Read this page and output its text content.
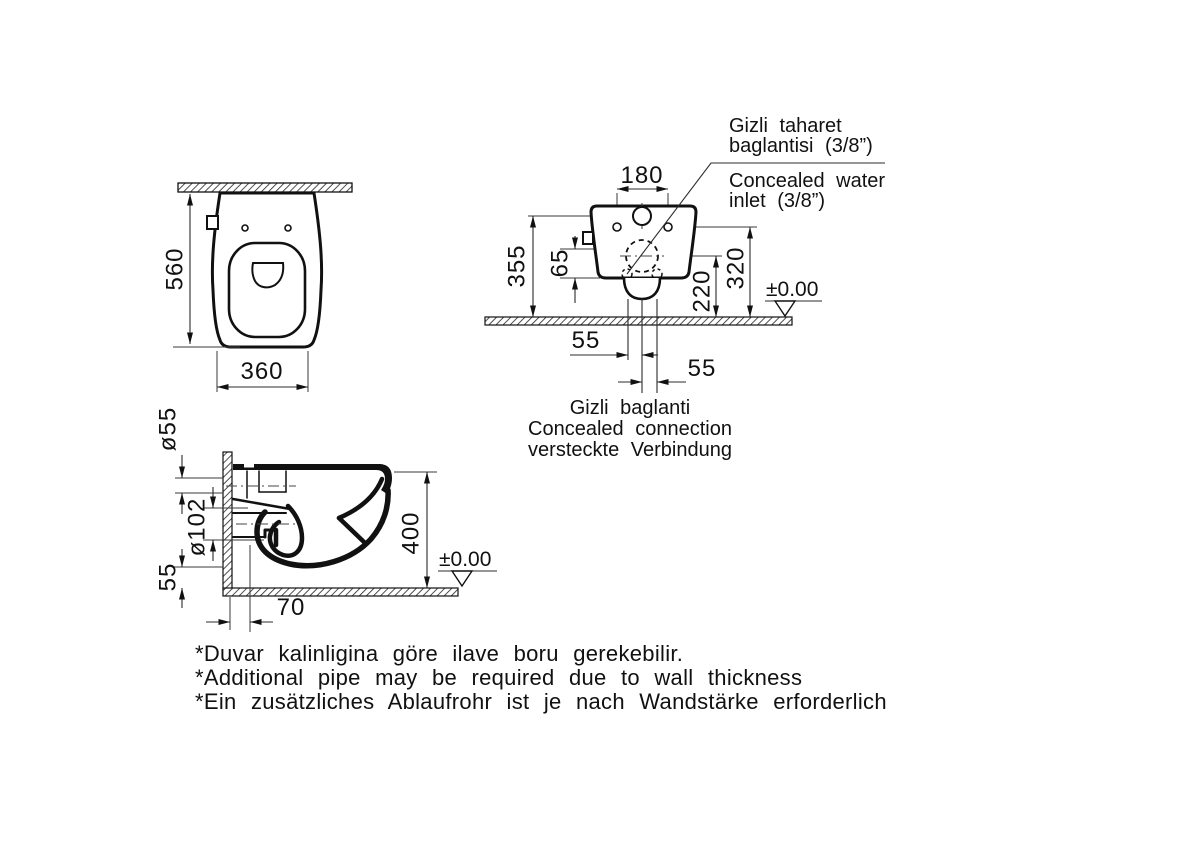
560
360
Gizli taharet
baglantisi (3/8”)
Concealed water
inlet (3/8”)
180
355 65
220
320
55
55
±0.00
Gizli baglanti
Concealed connection
versteckte Verbindung
ø55
ø102
55
70
400
±0.00
*Duvar kalinligina göre ilave boru gerekebilir.
*Additional pipe may be required due to wall thickness
*Ein zusätzliches Ablaufrohr ist je nach Wandstärke erforderlich
